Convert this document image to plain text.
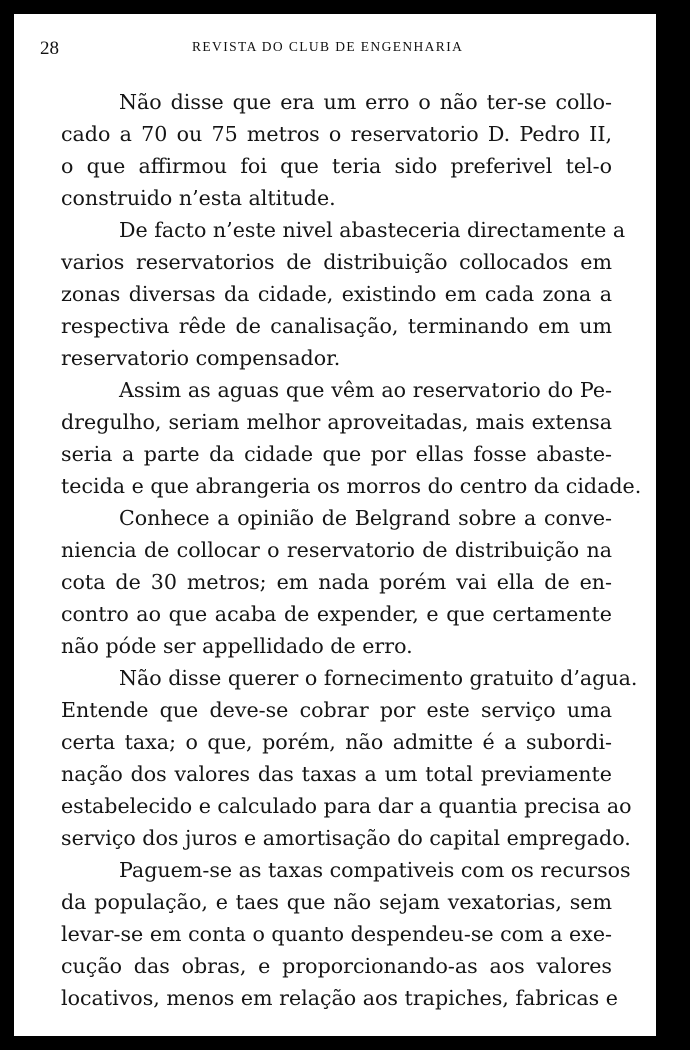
28	REVISTA DO CLUB DE ENGENHARIA
Não disse que era um erro o não ter-se collo-
cado a 70 ou 75 metros o reservatorio D. Pedro II,
o que affirmou foi que teria sido preferivel tel-o
construido n’esta altitude.
De facto n’este nivel abasteceria directamente a
varios reservatorios de distribuição collocados em
zonas diversas da cidade, existindo em cada zona a
respectiva rêde de canalisação, terminando em um
reservatorio compensador.
Assim as aguas que vêm ao reservatorio do Pe-
dregulho, seriam melhor aproveitadas, mais extensa
seria a parte da cidade que por ellas fosse abaste-
tecida e que abrangeria os morros do centro da cidade.
Conhece a opinião de Belgrand sobre a conve-
niencia de collocar o reservatorio de distribuição na
cota de 30 metros; em nada porém vai ella de en-
contro ao que acaba de expender, e que certamente
não póde ser appellidado de erro.
Não disse querer o fornecimento gratuito d’agua.
Entende que deve-se cobrar por este serviço uma
certa taxa; o que, porém, não admitte é a subordi-
nação dos valores das taxas a um total previamente
estabelecido e calculado para dar a quantia precisa ao
serviço dos juros e amortisação do capital empregado.
Paguem-se as taxas compativeis com os recursos
da população, e taes que não sejam vexatorias, sem
levar-se em conta o quanto despendeu-se com a exe-
cução das obras, e proporcionando-as aos valores
locativos, menos em relação aos trapiches, fabricas e
